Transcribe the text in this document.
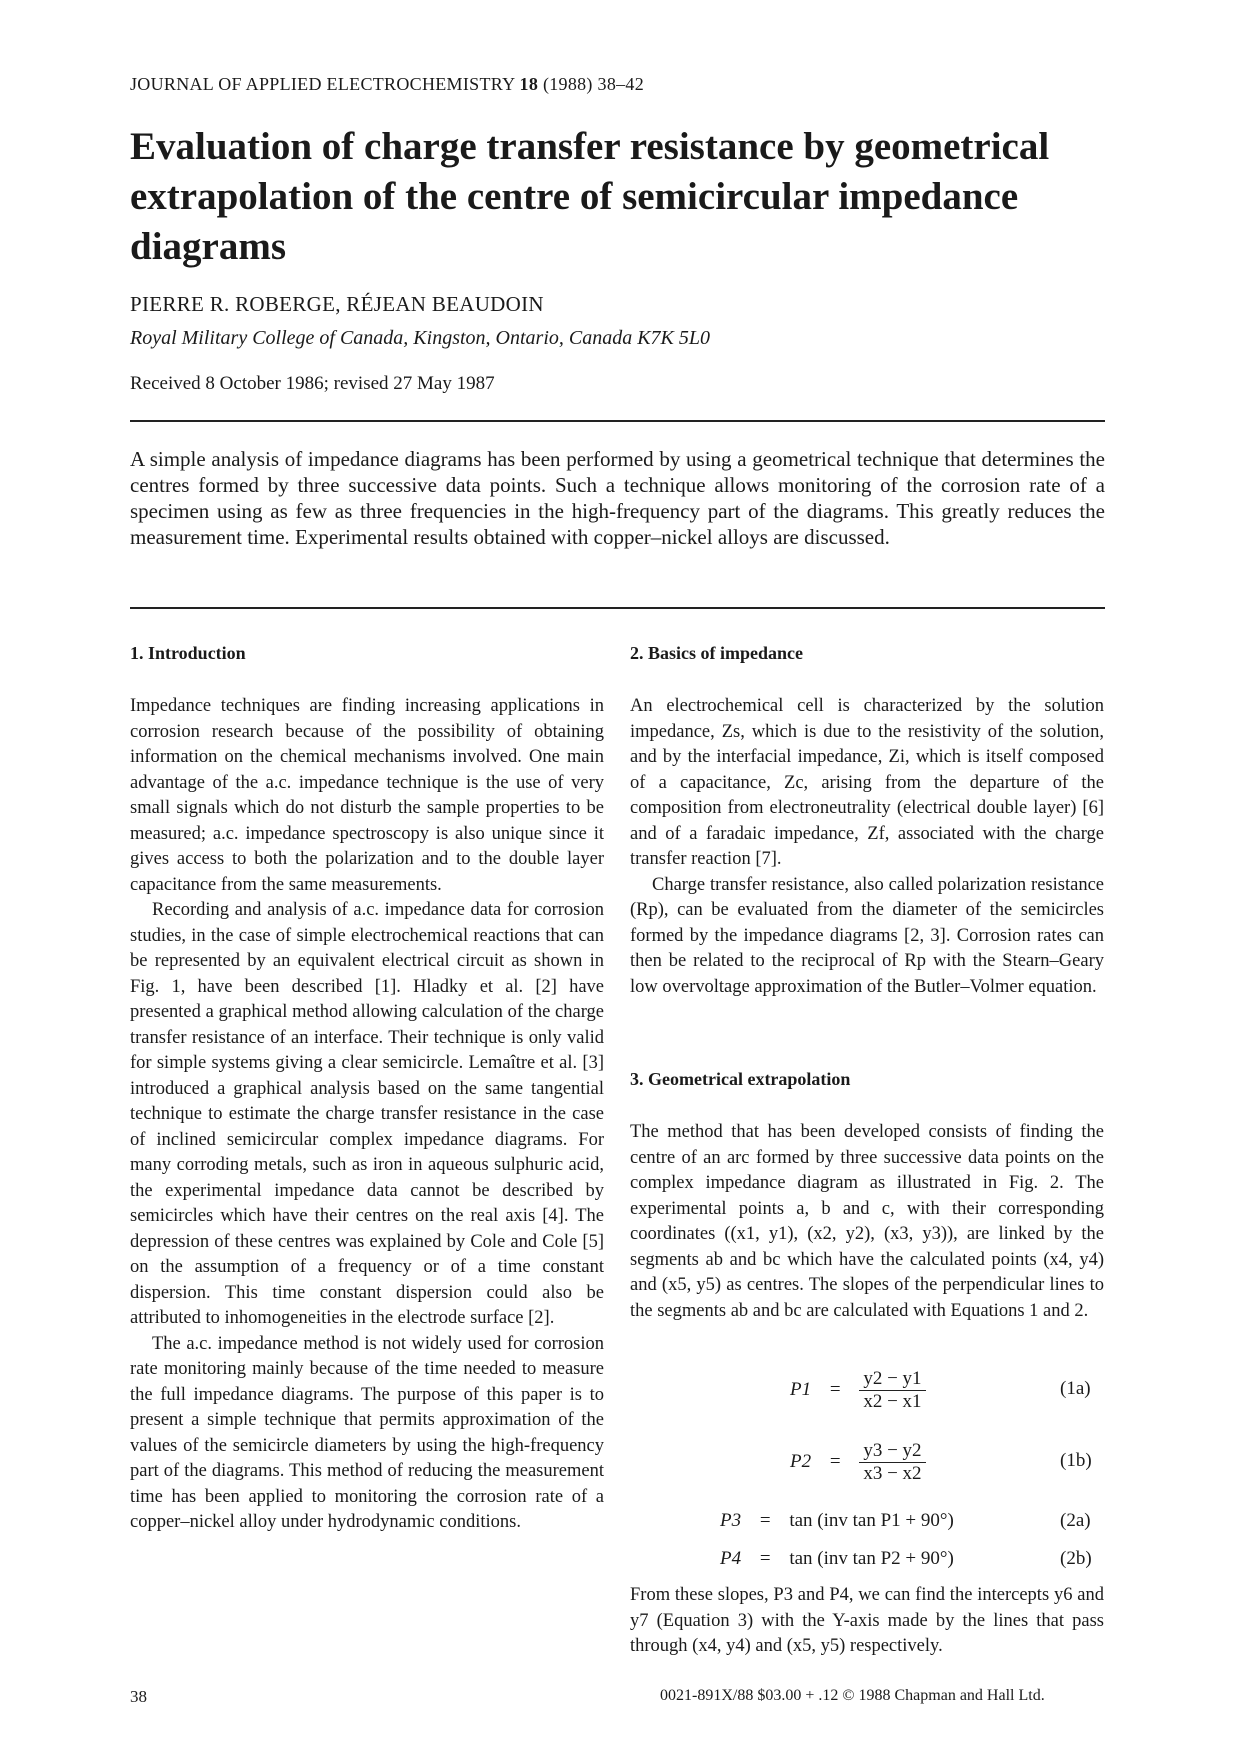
JOURNAL OF APPLIED ELECTROCHEMISTRY 18 (1988) 38–42
Evaluation of charge transfer resistance by geometrical extrapolation of the centre of semicircular impedance diagrams
PIERRE R. ROBERGE, RÉJEAN BEAUDOIN
Royal Military College of Canada, Kingston, Ontario, Canada K7K 5L0
Received 8 October 1986; revised 27 May 1987
A simple analysis of impedance diagrams has been performed by using a geometrical technique that determines the centres formed by three successive data points. Such a technique allows monitoring of the corrosion rate of a specimen using as few as three frequencies in the high-frequency part of the diagrams. This greatly reduces the measurement time. Experimental results obtained with copper–nickel alloys are discussed.
1. Introduction

Impedance techniques are finding increasing applications in corrosion research because of the possibility of obtaining information on the chemical mechanisms involved. One main advantage of the a.c. impedance technique is the use of very small signals which do not disturb the sample properties to be measured; a.c. impedance spectroscopy is also unique since it gives access to both the polarization and to the double layer capacitance from the same measurements.

Recording and analysis of a.c. impedance data for corrosion studies, in the case of simple electrochemical reactions that can be represented by an equivalent electrical circuit as shown in Fig. 1, have been described [1]. Hladky et al. [2] have presented a graphical method allowing calculation of the charge transfer resistance of an interface. Their technique is only valid for simple systems giving a clear semicircle. Lemaître et al. [3] introduced a graphical analysis based on the same tangential technique to estimate the charge transfer resistance in the case of inclined semicircular complex impedance diagrams. For many corroding metals, such as iron in aqueous sulphuric acid, the experimental impedance data cannot be described by semicircles which have their centres on the real axis [4]. The depression of these centres was explained by Cole and Cole [5] on the assumption of a frequency or of a time constant dispersion. This time constant dispersion could also be attributed to inhomogeneities in the electrode surface [2].

The a.c. impedance method is not widely used for corrosion rate monitoring mainly because of the time needed to measure the full impedance diagrams. The purpose of this paper is to present a simple technique that permits approximation of the values of the semicircle diameters by using the high-frequency part of the diagrams. This method of reducing the measurement time has been applied to monitoring the corrosion rate of a copper–nickel alloy under hydrodynamic conditions.

2. Basics of impedance

An electrochemical cell is characterized by the solution impedance, Zs, which is due to the resistivity of the solution, and by the interfacial impedance, Zi, which is itself composed of a capacitance, Zc, arising from the departure of the composition from electroneutrality (electrical double layer) [6] and of a faradaic impedance, Zf, associated with the charge transfer reaction [7].

Charge transfer resistance, also called polarization resistance (Rp), can be evaluated from the diameter of the semicircles formed by the impedance diagrams [2, 3]. Corrosion rates can then be related to the reciprocal of Rp with the Stearn–Geary low overvoltage approximation of the Butler–Volmer equation.

3. Geometrical extrapolation

The method that has been developed consists of finding the centre of an arc formed by three successive data points on the complex impedance diagram as illustrated in Fig. 2. The experimental points a, b and c, with their corresponding coordinates ((x1, y1), (x2, y2), (x3, y3)), are linked by the segments ab and bc which have the calculated points (x4, y4) and (x5, y5) as centres. The slopes of the perpendicular lines to the segments ab and bc are calculated with Equations 1 and 2.

$P1 = \frac{y2 - y1}{x2 - x1}$	(1a)
$P2 = \frac{y3 - y2}{x3 - x2}$	(1b)
P3 = tan (inv tan P1 + 90°)	(2a)
P4 = tan (inv tan P2 + 90°)	(2b)

From these slopes, P3 and P4, we can find the intercepts y6 and y7 (Equation 3) with the Y-axis made by the lines that pass through (x4, y4) and (x5, y5) respectively.

38	0021-891X/88 $03.00 + .12 © 1988 Chapman and Hall Ltd.
